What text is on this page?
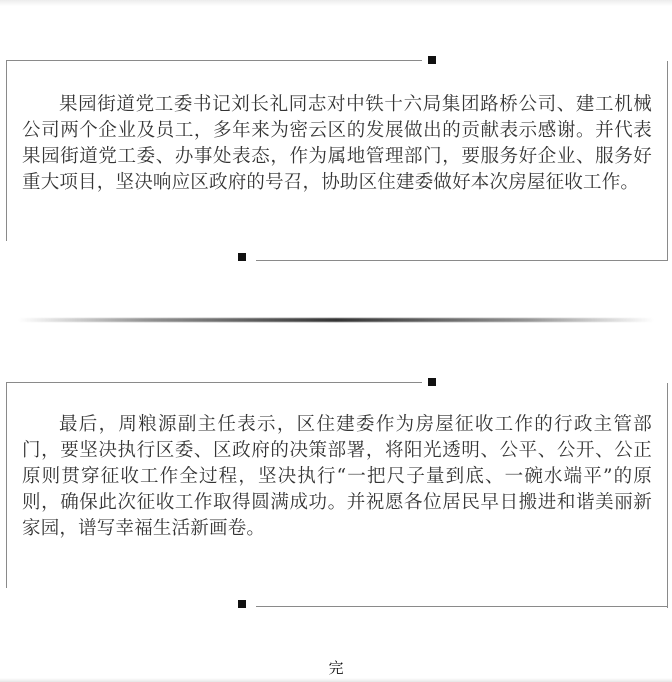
果园街道党工委书记刘长礼同志对中铁十六局集团路桥公司、建工机械公司两个企业及员工，多年来为密云区的发展做出的贡献表示感谢。并代表果园街道党工委、办事处表态，作为属地管理部门，要服务好企业、服务好重大项目，坚决响应区政府的号召，协助区住建委做好本次房屋征收工作。

最后，周粮源副主任表示，区住建委作为房屋征收工作的行政主管部门，要坚决执行区委、区政府的决策部署，将阳光透明、公平、公开、公正原则贯穿征收工作全过程，坚决执行“一把尺子量到底、一碗水端平”的原则，确保此次征收工作取得圆满成功。并祝愿各位居民早日搬进和谐美丽新家园，谱写幸福生活新画卷。

完
